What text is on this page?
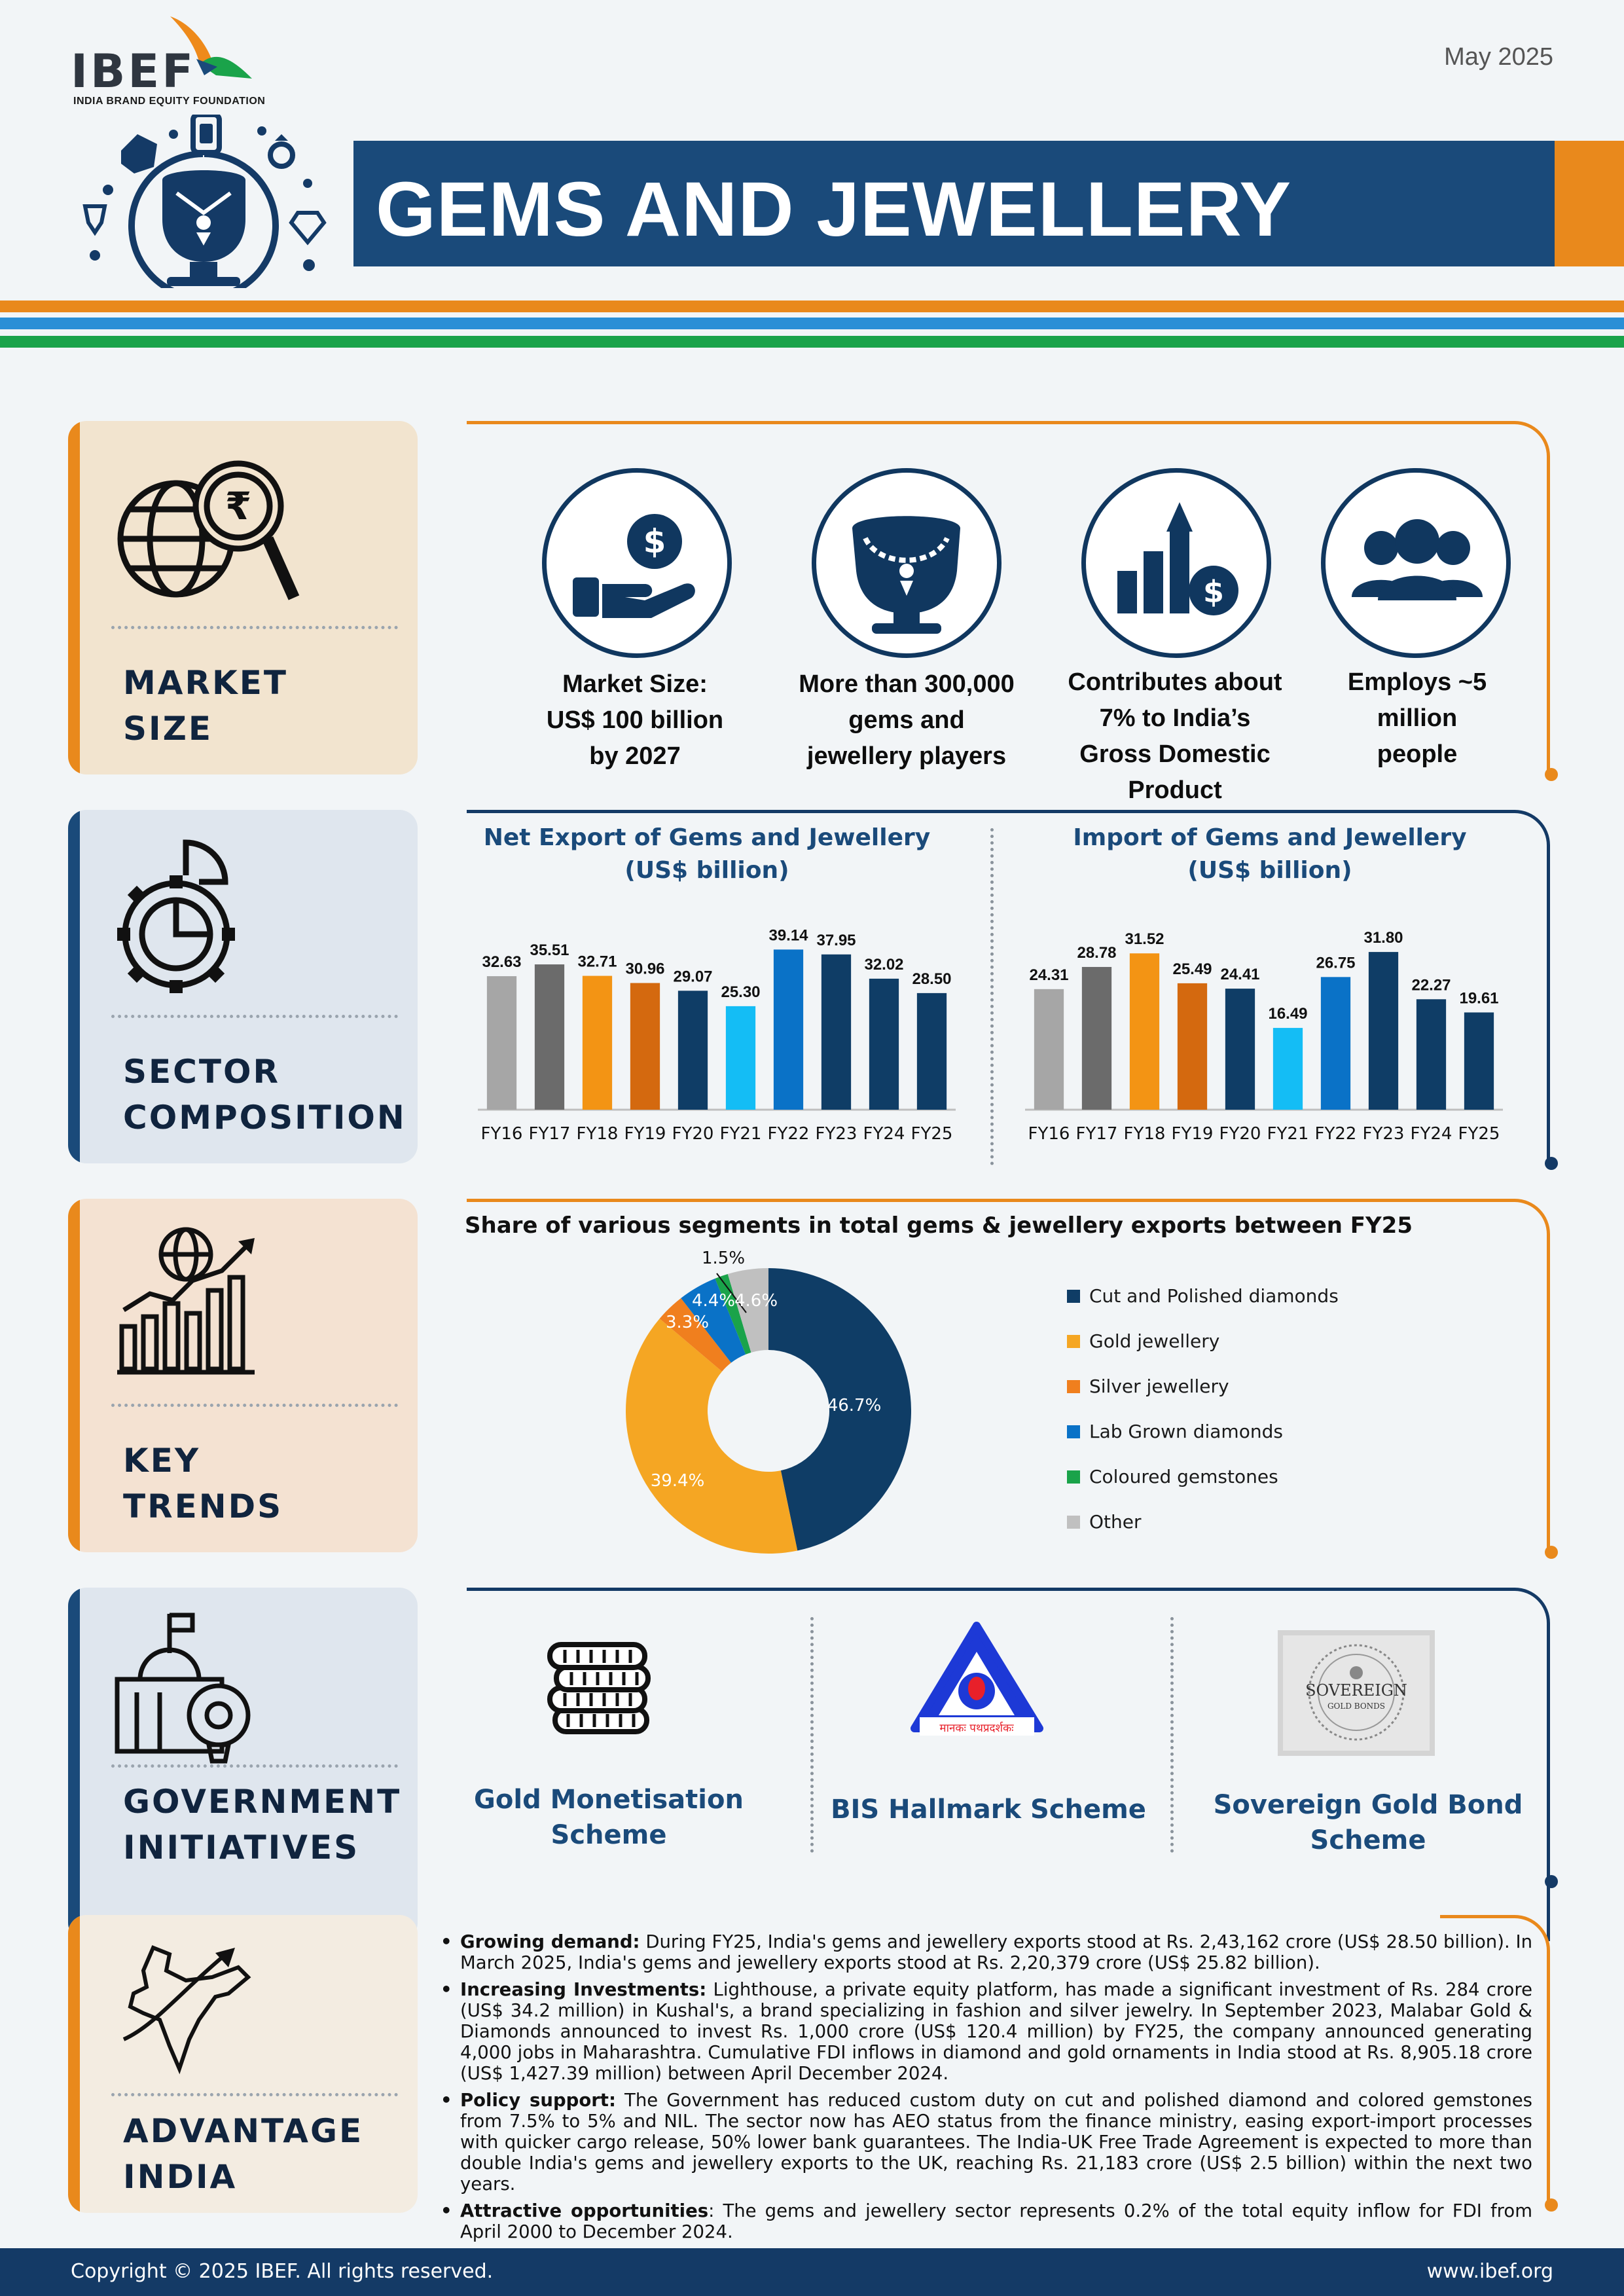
IBEF
INDIA BRAND EQUITY FOUNDATION
May 2025
GEMS AND JEWELLERY
₹
MARKET
SIZE
$
$
Market Size:
US$ 100 billion
by 2027
More than 300,000
gems and
jewellery players
Contributes about
7% to India’s
Gross Domestic
Product
Employs ~5
million
people
SECTOR
COMPOSITION
Net Export of Gems and Jewellery
(US$ billion)
Import of Gems and Jewellery
(US$ billion)
32.63
FY16
35.51
FY17
32.71
FY18
30.96
FY19
29.07
FY20
25.30
FY21
39.14
FY22
37.95
FY23
32.02
FY24
28.50
FY25
24.31
FY16
28.78
FY17
31.52
FY18
25.49
FY19
24.41
FY20
16.49
FY21
26.75
FY22
31.80
FY23
22.27
FY24
19.61
FY25
KEY
TRENDS
Share of various segments in total gems & jewellery exports between FY25
46.7%
39.4%
3.3%
4.4%
1.5%
4.6%	Cut and Polished diamonds
Gold jewellery
Silver jewellery
Lab Grown diamonds
Coloured gemstones
Other
GOVERNMENT
INITIATIVES
मानकः पथप्रदर्शकः
SOVEREIGN
GOLD BONDS
Gold Monetisation
Scheme
BIS Hallmark Scheme	Sovereign Gold Bond
Scheme
ADVANTAGE
INDIA
• Growing demand: During FY25, India's gems and jewellery exports stood at Rs. 2,43,162 crore (US$ 28.50 billion). In March 2025, India's gems and jewellery exports stood at Rs. 2,20,379 crore (US$ 25.82 billion).
• Increasing Investments: Lighthouse, a private equity platform, has made a significant investment of Rs. 284 crore (US$ 34.2 million) in Kushal's, a brand specializing in fashion and silver jewelry. In September 2023, Malabar Gold & Diamonds announced to invest Rs. 1,000 crore (US$ 120.4 million) by FY25, the company announced generating 4,000 jobs in Maharashtra. Cumulative FDI inflows in diamond and gold ornaments in India stood at Rs. 8,905.18 crore (US$ 1,427.39 million) between April December 2024.
• Policy support: The Government has reduced custom duty on cut and polished diamond and colored gemstones from 7.5% to 5% and NIL. The sector now has AEO status from the finance ministry, easing export-import processes with quicker cargo release, 50% lower bank guarantees. The India-UK Free Trade Agreement is expected to more than double India's gems and jewellery exports to the UK, reaching Rs. 21,183 crore (US$ 2.5 billion) within the next two years.
• Attractive opportunities: The gems and jewellery sector represents 0.2% of the total equity inflow for FDI from April 2000 to December 2024.
Copyright © 2025 IBEF. All rights reserved.	www.ibef.org
